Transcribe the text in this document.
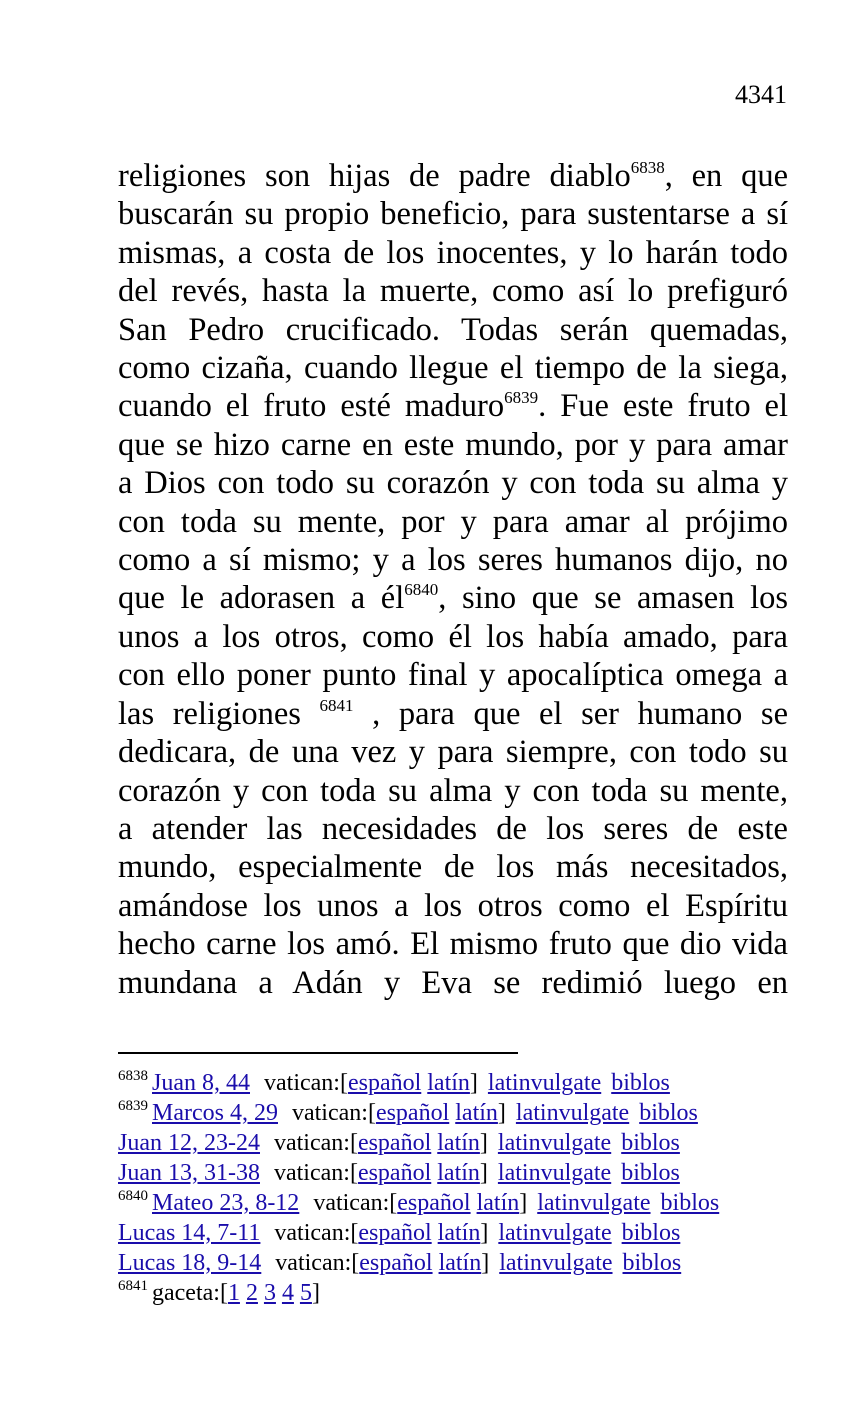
4341
religiones son hijas de padre diablo$^{6838}$, en que
buscarán su propio beneficio, para sustentarse a sí
mismas, a costa de los inocentes, y lo harán todo
del revés, hasta la muerte, como así lo prefiguró
San Pedro crucificado. Todas serán quemadas,
como cizaña, cuando llegue el tiempo de la siega,
cuando el fruto esté maduro$^{6839}$. Fue este fruto el
que se hizo carne en este mundo, por y para amar
a Dios con todo su corazón y con toda su alma y
con toda su mente, por y para amar al prójimo
como a sí mismo; y a los seres humanos dijo, no
que le adorasen a $él^{6840}$, sino que se amasen los
unos a los otros, como él los había amado, para
con ello poner punto final y apocalíptica omega a
las religiones $^{6841}$ , para que el ser humano se
dedicara, de una vez y para siempre, con todo su
corazón y con toda su alma y con toda su mente,
a atender las necesidades de los seres de este
mundo, especialmente de los más necesitados,
amándose los unos a los otros como el Espíritu
hecho carne los amó. El mismo fruto que dio vida
mundana a Adán y Eva se redimió luego en
$^{6838}$ Juan 8, 44 vatican:[español latín] latinvulgate biblos
$^{6839}$ Marcos 4, 29 vatican:[español latín] latinvulgate biblos
Juan 12, 23-24 vatican:[español latín] latinvulgate biblos
Juan 13, 31-38 vatican:[español latín] latinvulgate biblos
$^{6840}$ Mateo 23, 8-12 vatican:[español latín] latinvulgate biblos
Lucas 14, 7-11 vatican:[español latín] latinvulgate biblos
Lucas 18, 9-14 vatican:[español latín] latinvulgate biblos
$^{6841}$ gaceta:[1 2 3 4 5]
